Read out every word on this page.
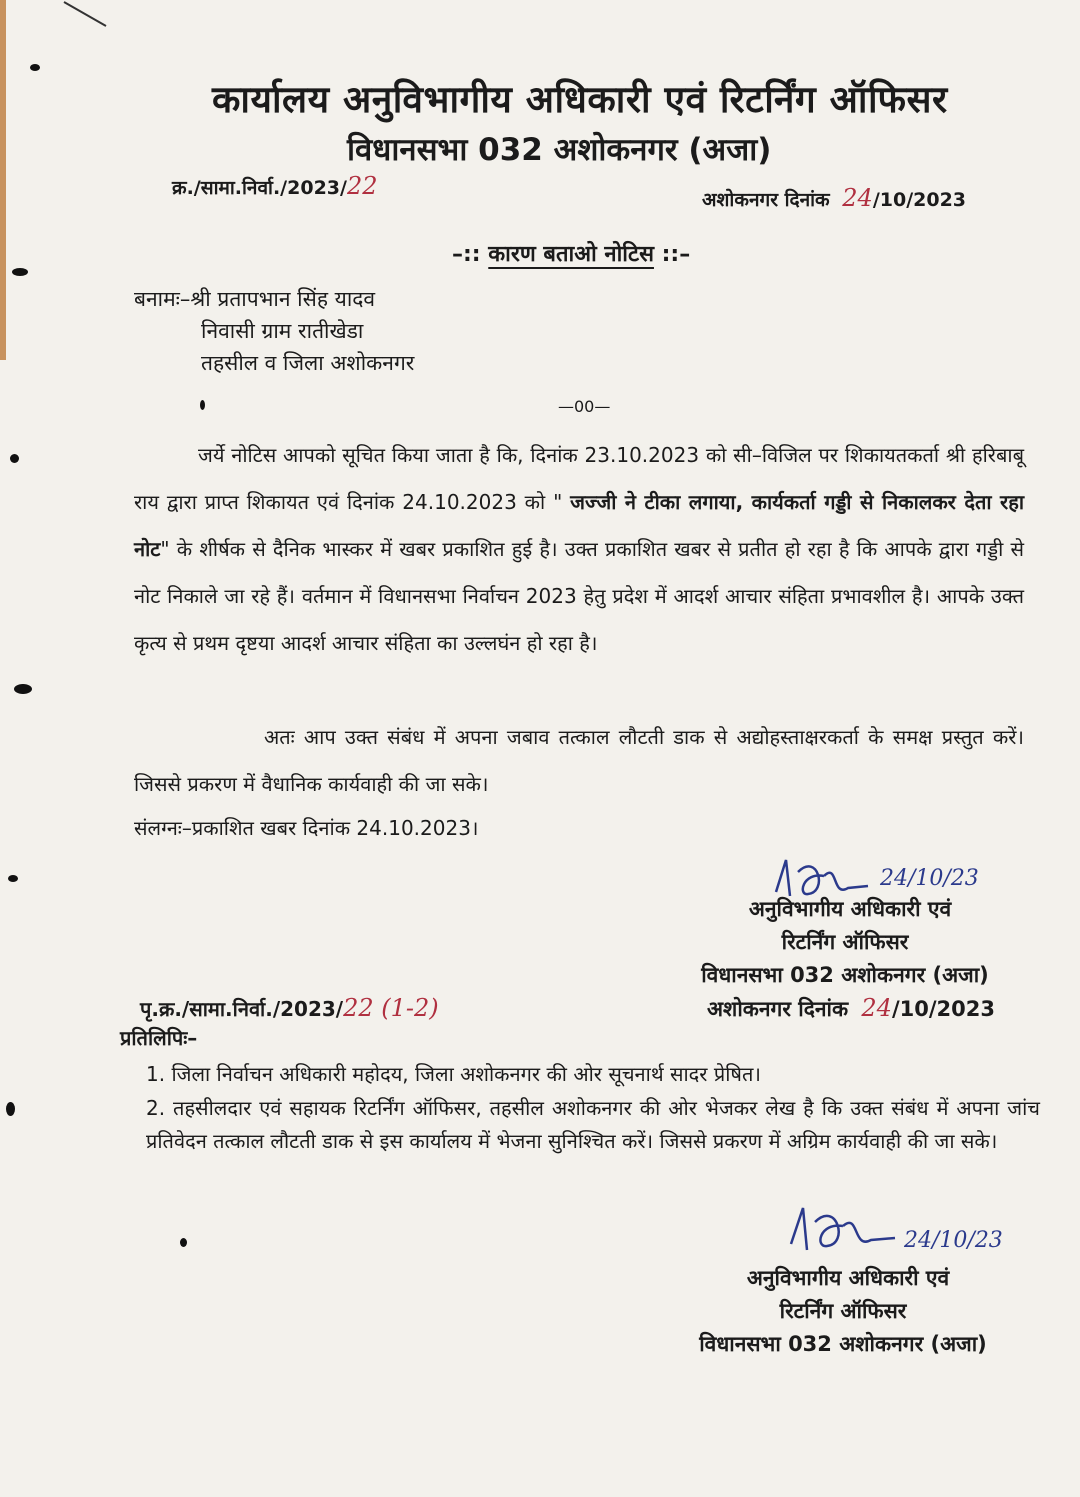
कार्यालय अनुविभागीय अधिकारी एवं रिटर्निंग ऑफिसर
विधानसभा 032 अशोकनगर (अजा)
क्र./सामा.निर्वा./2023/22	अशोकनगर दिनांक 24/10/2023
–:: कारण बताओ नोटिस ::–
बनामः–श्री प्रतापभान सिंह यादव
निवासी ग्राम रातीखेडा
तहसील व जिला अशोकनगर
—00—
जर्ये नोटिस आपको सूचित किया जाता है कि, दिनांक 23.10.2023 को सी–विजिल पर शिकायतकर्ता श्री हरिबाबू राय द्वारा प्राप्त शिकायत एवं दिनांक 24.10.2023 को " जज्जी ने टीका लगाया, कार्यकर्ता गड्डी से निकालकर देता रहा नोट" के शीर्षक से दैनिक भास्कर में खबर प्रकाशित हुई है। उक्त प्रकाशित खबर से प्रतीत हो रहा है कि आपके द्वारा गड्डी से नोट निकाले जा रहे हैं। वर्तमान में विधानसभा निर्वाचन 2023 हेतु प्रदेश में आदर्श आचार संहिता प्रभावशील है। आपके उक्त कृत्य से प्रथम दृष्टया आदर्श आचार संहिता का उल्लघंन हो रहा है।
अतः आप उक्त संबंध में अपना जबाव तत्काल लौटती डाक से अद्योहस्ताक्षरकर्ता के समक्ष प्रस्तुत करें। जिससे प्रकरण में वैधानिक कार्यवाही की जा सके।
संलग्नः–प्रकाशित खबर दिनांक 24.10.2023।
24/10/23
अनुविभागीय अधिकारी एवं
रिटर्निंग ऑफिसर
विधानसभा 032 अशोकनगर (अजा)
अशोकनगर दिनांक 24/10/2023
पृ.क्र./सामा.निर्वा./2023/22 (1-2)
प्रतिलिपिः–
1. जिला निर्वाचन अधिकारी महोदय, जिला अशोकनगर की ओर सूचनार्थ सादर प्रेषित।
2. तहसीलदार एवं सहायक रिटर्निंग ऑफिसर, तहसील अशोकनगर की ओर भेजकर लेख है कि उक्त संबंध में अपना जांच प्रतिवेदन तत्काल लौटती डाक से इस कार्यालय में भेजना सुनिश्चित करें। जिससे प्रकरण में अग्रिम कार्यवाही की जा सके।
24/10/23
अनुविभागीय अधिकारी एवं
रिटर्निंग ऑफिसर
विधानसभा 032 अशोकनगर (अजा)
